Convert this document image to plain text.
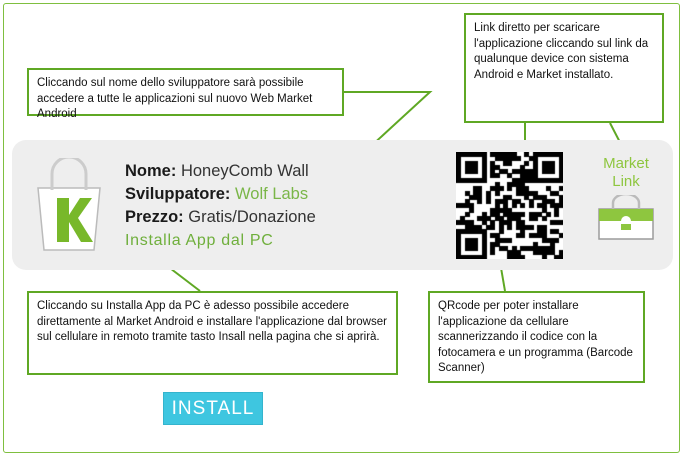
Cliccando sul nome dello sviluppatore sarà possibile accedere a tutte le applicazioni sul nuovo Web Market Android
Link diretto per scaricare l'applicazione cliccando sul link da qualunque device con sistema Android e Market installato.
Cliccando su Installa App da PC è adesso possibile accedere direttamente al Market Android e installare l'applicazione dal browser sul cellulare in remoto tramite tasto Insall nella pagina che si aprirà.
QRcode per poter installare l'applicazione da cellulare scannerizzando il codice con la fotocamera e un programma (Barcode Scanner)
Nome: HoneyComb Wall
Sviluppatore: Wolf Labs
Prezzo: Gratis/Donazione
Installa App dal PC
Market
Link
INSTALL
